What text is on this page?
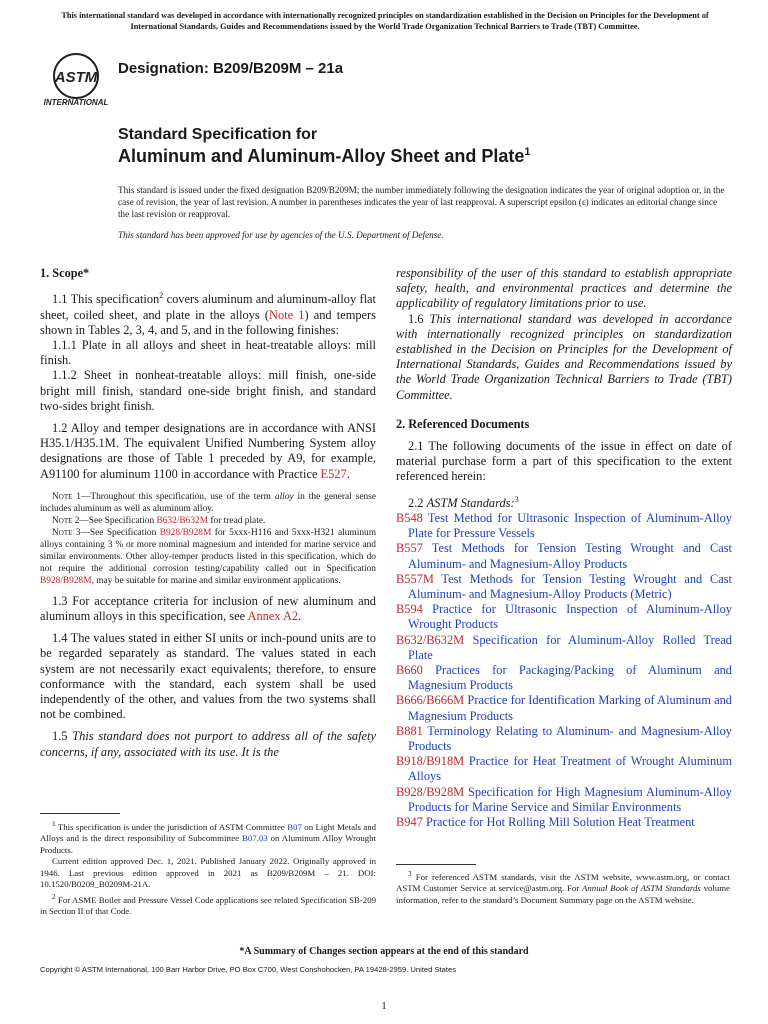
This international standard was developed in accordance with internationally recognized principles on standardization established in the Decision on Principles for the Development of International Standards, Guides and Recommendations issued by the World Trade Organization Technical Barriers to Trade (TBT) Committee.
ASTM
INTERNATIONAL
Designation: B209/B209M – 21a
Standard Specification for
Aluminum and Aluminum-Alloy Sheet and Plate$^1$
This standard is issued under the fixed designation B209/B209M; the number immediately following the designation indicates the year of original adoption or, in the case of revision, the year of last revision. A number in parentheses indicates the year of last reapproval. A superscript epsilon (ε) indicates an editorial change since the last revision or reapproval.
This standard has been approved for use by agencies of the U.S. Department of Defense.

1. Scope*

1.1 This specification$^2$ covers aluminum and aluminum-alloy flat sheet, coiled sheet, and plate in the alloys (Note 1) and tempers shown in Tables 2, 3, 4, and 5, and in the following finishes:

1.1.1 Plate in all alloys and sheet in heat-treatable alloys: mill finish.

1.1.2 Sheet in nonheat-treatable alloys: mill finish, one-side bright mill finish, standard one-side bright finish, and standard two-sides bright finish.

1.2 Alloy and temper designations are in accordance with ANSI H35.1/H35.1M. The equivalent Unified Numbering System alloy designations are those of Table 1 preceded by A9, for example, A91100 for aluminum 1100 in accordance with Practice E527.

Note 1—Throughout this specification, use of the term alloy in the general sense includes aluminum as well as aluminum alloy.

Note 2—See Specification B632/B632M for tread plate.

Note 3—See Specification B928/B928M for 5xxx-H116 and 5xxx-H321 aluminum alloys containing 3 % or more nominal magnesium and intended for marine service and similar environments. Other alloy-temper products listed in this specification, which do not require the additional corrosion testing/capability called out in Specification B928/B928M, may be suitable for marine and similar environment applications.

1.3 For acceptance criteria for inclusion of new aluminum and aluminum alloys in this specification, see Annex A2.

1.4 The values stated in either SI units or inch-pound units are to be regarded separately as standard. The values stated in each system are not necessarily exact equivalents; therefore, to ensure conformance with the standard, each system shall be used independently of the other, and values from the two systems shall not be combined.

1.5 This standard does not purport to address all of the safety concerns, if any, associated with its use. It is the

$^1$ This specification is under the jurisdiction of ASTM Committee B07 on Light Metals and Alloys and is the direct responsibility of Subcommittee B07.03 on Aluminum Alloy Wrought Products.

Current edition approved Dec. 1, 2021. Published January 2022. Originally approved in 1946. Last previous edition approved in 2021 as B209/B209M – 21. DOI: 10.1520/B0209_B0209M-21A.

$^2$ For ASME Boiler and Pressure Vessel Code applications see related Specification SB-209 in Section II of that Code.

responsibility of the user of this standard to establish appropriate safety, health, and environmental practices and determine the applicability of regulatory limitations prior to use.

1.6 This international standard was developed in accordance with internationally recognized principles on standardization established in the Decision on Principles for the Development of International Standards, Guides and Recommendations issued by the World Trade Organization Technical Barriers to Trade (TBT) Committee.

2. Referenced Documents

2.1 The following documents of the issue in effect on date of material purchase form a part of this specification to the extent referenced herein:

2.2 ASTM Standards:$^3$

B548 Test Method for Ultrasonic Inspection of Aluminum-Alloy Plate for Pressure Vessels

B557 Test Methods for Tension Testing Wrought and Cast Aluminum- and Magnesium-Alloy Products

B557M Test Methods for Tension Testing Wrought and Cast Aluminum- and Magnesium-Alloy Products (Metric)

B594 Practice for Ultrasonic Inspection of Aluminum-Alloy Wrought Products

B632/B632M Specification for Aluminum-Alloy Rolled Tread Plate

B660 Practices for Packaging/Packing of Aluminum and Magnesium Products

B666/B666M Practice for Identification Marking of Aluminum and Magnesium Products

B881 Terminology Relating to Aluminum- and Magnesium-Alloy Products

B918/B918M Practice for Heat Treatment of Wrought Aluminum Alloys

B928/B928M Specification for High Magnesium Aluminum-Alloy Products for Marine Service and Similar Environments

B947 Practice for Hot Rolling Mill Solution Heat Treatment

$^3$ For referenced ASTM standards, visit the ASTM website, www.astm.org, or contact ASTM Customer Service at service@astm.org. For Annual Book of ASTM Standards volume information, refer to the standard’s Document Summary page on the ASTM website.

*A Summary of Changes section appears at the end of this standard
Copyright © ASTM International, 100 Barr Harbor Drive, PO Box C700, West Conshohocken, PA 19428-2959. United States
1
